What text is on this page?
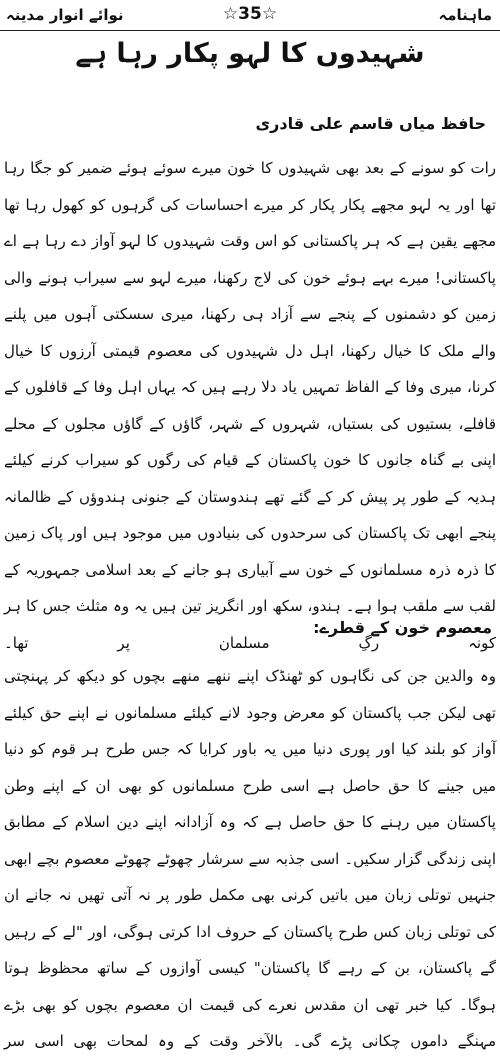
نوائے انوار مدینہ	☆35☆	ماہنامہ
شہیدوں کا لہو پکار رہا ہے
حافظ میاں قاسم علی قادری

رات کو سونے کے بعد بھی شہیدوں کا خون میرے سوئے ہوئے ضمیر کو جگا رہا تھا اور یہ لہو مجھے پکار پکار کر میرے احساسات کی گرہوں کو کھول رہا تھا مجھے یقین ہے کہ ہر پاکستانی کو اس وقت شہیدوں کا لہو آواز دے رہا ہے اے پاکستانی! میرے بہے ہوئے خون کی لاج رکھنا، میرے لہو سے سیراب ہونے والی زمین کو دشمنوں کے پنجے سے آزاد ہی رکھنا، میری سسکتی آہوں میں پلنے والے ملک کا خیال رکھنا، اہل دل شہیدوں کی معصوم قیمتی آرزوں کا خیال کرنا، میری وفا کے الفاظ تمہیں یاد دلا رہے ہیں کہ یہاں اہل وفا کے قافلوں کے قافلے، بستیوں کی بستیاں، شہروں کے شہر، گاؤں کے گاؤں مجلوں کے محلے اپنی بے گناہ جانوں کا خون پاکستان کے قیام کی رگوں کو سیراب کرنے کیلئے ہدیہ کے طور پر پیش کر کے گئے تھے ہندوستان کے جنونی ہندوؤں کے ظالمانہ پنجے ابھی تک پاکستان کی سرحدوں کی بنیادوں میں موجود ہیں اور پاک زمین کا ذرہ ذرہ مسلمانوں کے خون سے آبیاری ہو جانے کے بعد اسلامی جمہوریہ کے لقب سے ملقب ہوا ہے۔ ہندو، سکھ اور انگریز تین ہیں یہ وہ مثلث جس کا ہر کونہ رگِ مسلمان پر تھا۔

معصوم خون کے قطرے:

وہ والدین جن کی نگاہوں کو ٹھنڈک اپنے ننھے منھے بچوں کو دیکھ کر پہنچتی تھی لیکن جب پاکستان کو معرض وجود لانے کیلئے مسلمانوں نے اپنے حق کیلئے آواز کو بلند کیا اور پوری دنیا میں یہ باور کرایا کہ جس طرح ہر قوم کو دنیا میں جینے کا حق حاصل ہے اسی طرح مسلمانوں کو بھی ان کے اپنے وطن پاکستان میں رہنے کا حق حاصل ہے کہ وہ آزادانہ اپنے دین اسلام کے مطابق اپنی زندگی گزار سکیں۔ اسی جذبہ سے سرشار چھوٹے چھوٹے معصوم بچے ابھی جنہیں توتلی زبان میں باتیں کرنی بھی مکمل طور پر نہ آتی تھیں نہ جانے ان کی توتلی زبان کس طرح پاکستان کے حروف ادا کرتی ہوگی، اور "لے کے رہیں گے پاکستان، بن کے رہے گا پاکستان" کیسی آوازوں کے ساتھ محظوظ ہوتا ہوگا۔ کیا خبر تھی ان مقدس نعرے کی قیمت ان معصوم بچوں کو بھی بڑے مہنگے داموں چکانی پڑے گی۔ بالآخر وقت کے وہ لمحات بھی اسی سر
